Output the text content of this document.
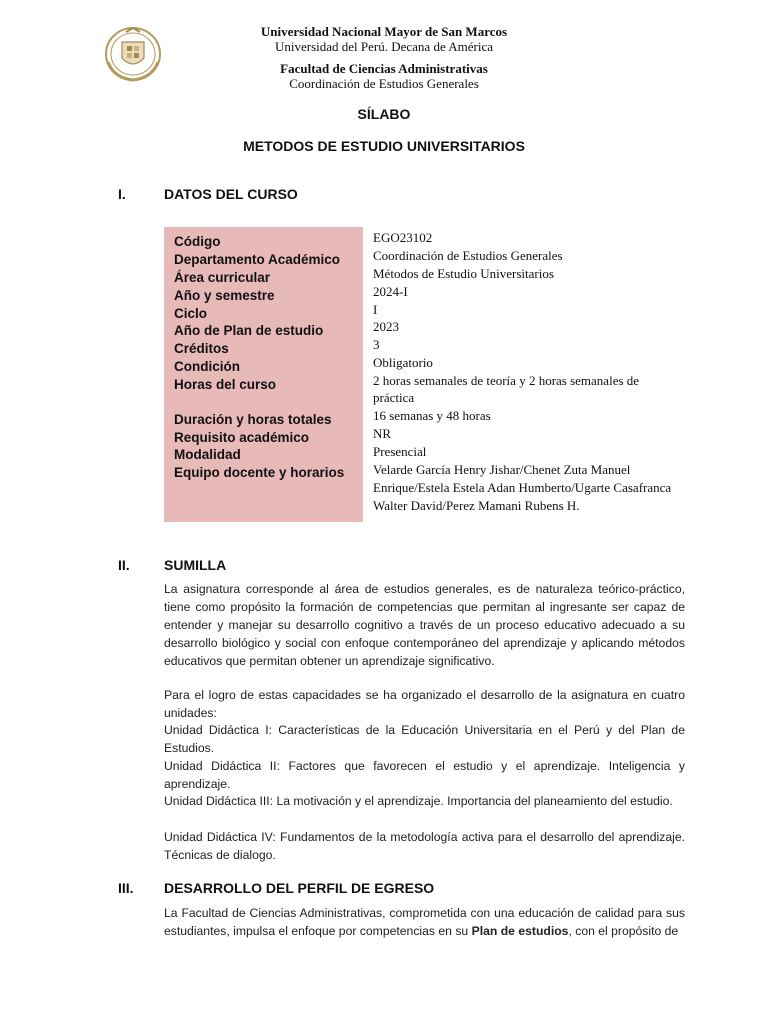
Universidad Nacional Mayor de San Marcos
Universidad del Perú. Decana de América
Facultad de Ciencias Administrativas
Coordinación de Estudios Generales
SÍLABO
METODOS DE ESTUDIO UNIVERSITARIOS
I.	DATOS DEL CURSO
Código
Departamento Académico
Área curricular
Año y semestre
Ciclo
Año de Plan de estudio
Créditos
Condición
Horas del curso
Duración y horas totales
Requisito académico
Modalidad
Equipo docente y horarios
EGO23102
Coordinación de Estudios Generales
Métodos de Estudio Universitarios
2024-I
I
2023
3
Obligatorio
2 horas semanales de teoría y 2 horas semanales de práctica
16 semanas y 48 horas
NR
Presencial
Velarde García Henry Jishar/Chenet Zuta Manuel Enrique/Estela Estela Adan Humberto/Ugarte Casafranca Walter David/Perez Mamani Rubens H.
II. SUMILLA
La asignatura corresponde al área de estudios generales, es de naturaleza teórico-práctico, tiene como propósito la formación de competencias que permitan al ingresante ser capaz de entender y manejar su desarrollo cognitivo a través de un proceso educativo adecuado a su desarrollo biológico y social con enfoque contemporáneo del aprendizaje y aplicando métodos educativos que permitan obtener un aprendizaje significativo.
Para el logro de estas capacidades se ha organizado el desarrollo de la asignatura en cuatro unidades:
Unidad Didáctica I: Características de la Educación Universitaria en el Perú y del Plan de Estudios.
Unidad Didáctica II: Factores que favorecen el estudio y el aprendizaje. Inteligencia y aprendizaje.
Unidad Didáctica III: La motivación y el aprendizaje. Importancia del planeamiento del estudio.
Unidad Didáctica IV: Fundamentos de la metodología activa para el desarrollo del aprendizaje. Técnicas de dialogo.
III. DESARROLLO DEL PERFIL DE EGRESO
La Facultad de Ciencias Administrativas, comprometida con una educación de calidad para sus estudiantes, impulsa el enfoque por competencias en su Plan de estudios, con el propósito de
